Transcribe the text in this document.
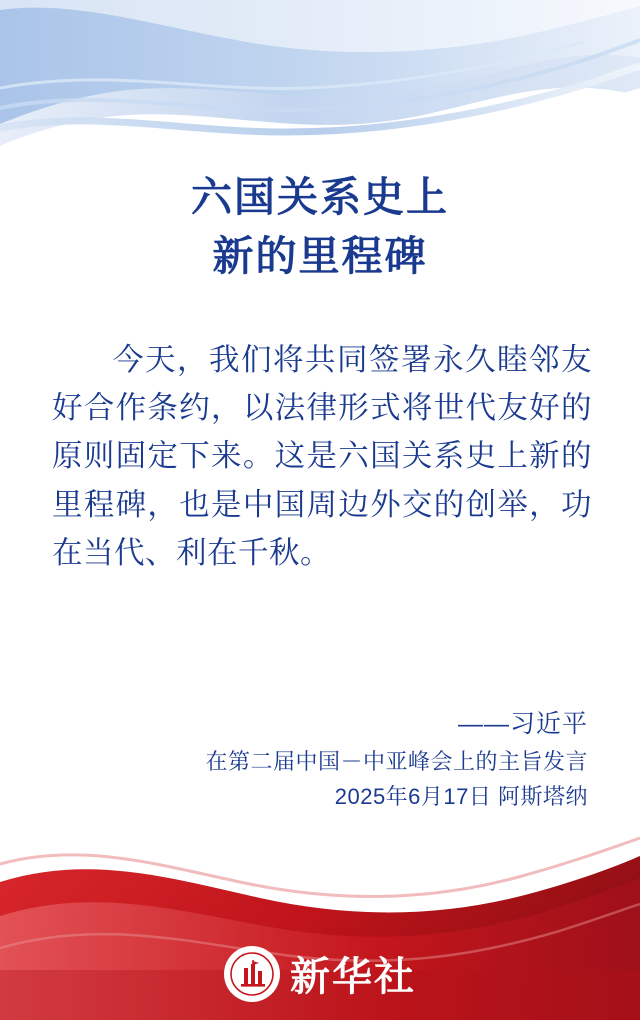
六国关系史上
新的里程碑

今天，我们将共同签署永久睦邻友好合作条约，以法律形式将世代友好的原则固定下来。这是六国关系史上新的里程碑，也是中国周边外交的创举，功在当代、利在千秋。

——习近平
在第二届中国－中亚峰会上的主旨发言
2025年6月17日 阿斯塔纳
新华社
